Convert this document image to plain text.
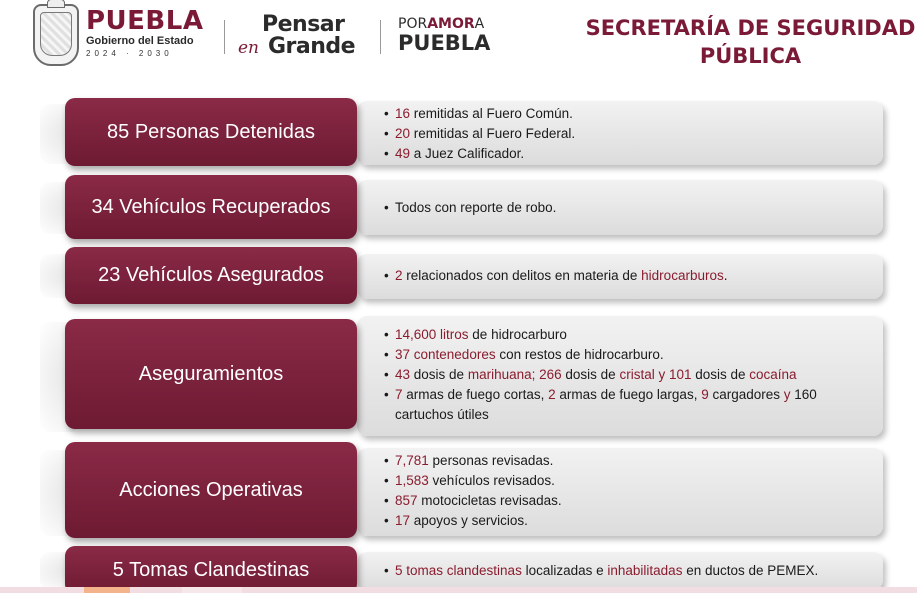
PUEBLA
Gobierno del Estado
2024 · 2030
Pensar
en Grande
PORAMORA
PUEBLA
SECRETARÍA DE SEGURIDAD
PÚBLICA
85 Personas Detenidas
• 16 remitidas al Fuero Común.
• 20 remitidas al Fuero Federal.
• 49 a Juez Calificador.
34 Vehículos Recuperados	• Todos con reporte de robo.
23 Vehículos Asegurados	• 2 relacionados con delitos en materia de hidrocarburos.
Aseguramientos
• 14,600 litros de hidrocarburo
• 37 contenedores con restos de hidrocarburo.
• 43 dosis de marihuana; 266 dosis de cristal y 101 dosis de cocaína
• 7 armas de fuego cortas, 2 armas de fuego largas, 9 cargadores y 160 cartuchos útiles
Acciones Operativas
• 7,781 personas revisadas.
• 1,583 vehículos revisados.
• 857 motocicletas revisadas.
• 17 apoyos y servicios.
5 Tomas Clandestinas	• 5 tomas clandestinas localizadas e inhabilitadas en ductos de PEMEX.
